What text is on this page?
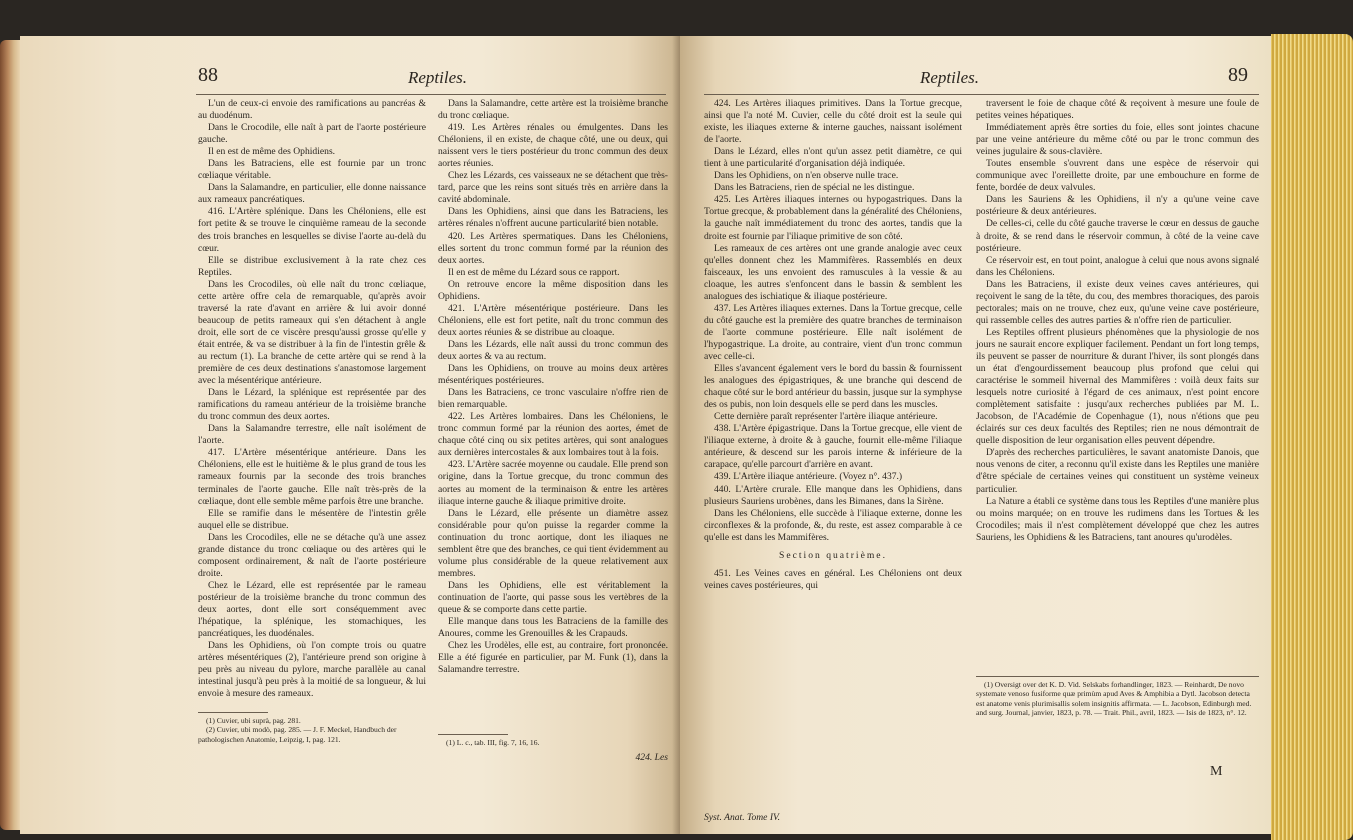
88	Reptiles.

L'un de ceux-ci envoie des ramifications au pancréas & au duodénum.

Dans le Crocodile, elle naît à part de l'aorte postérieure gauche.

Il en est de même des Ophidiens.

Dans les Batraciens, elle est fournie par un tronc cœliaque véritable.

Dans la Salamandre, en particulier, elle donne naissance aux rameaux pancréatiques.

416. L'Artère splénique. Dans les Chéloniens, elle est fort petite & se trouve le cinquième rameau de la seconde des trois branches en lesquelles se divise l'aorte au-delà du cœur.

Elle se distribue exclusivement à la rate chez ces Reptiles.

Dans les Crocodiles, où elle naît du tronc cœliaque, cette artère offre cela de remarquable, qu'après avoir traversé la rate d'avant en arrière & lui avoir donné beaucoup de petits rameaux qui s'en détachent à angle droit, elle sort de ce viscère presqu'aussi grosse qu'elle y était entrée, & va se distribuer à la fin de l'intestin grêle & au rectum (1). La branche de cette artère qui se rend à la première de ces deux destinations s'anastomose largement avec la mésentérique antérieure.

Dans le Lézard, la splénique est représentée par des ramifications du rameau antérieur de la troisième branche du tronc commun des deux aortes.

Dans la Salamandre terrestre, elle naît isolément de l'aorte.

417. L'Artère mésentérique antérieure. Dans les Chéloniens, elle est le huitième & le plus grand de tous les rameaux fournis par la seconde des trois branches terminales de l'aorte gauche. Elle naît très-près de la cœliaque, dont elle semble même parfois être une branche.

Elle se ramifie dans le mésentère de l'intestin grêle auquel elle se distribue.

Dans les Crocodiles, elle ne se détache qu'à une assez grande distance du tronc cœliaque ou des artères qui le composent ordinairement, & naît de l'aorte postérieure droite.

Chez le Lézard, elle est représentée par le rameau postérieur de la troisième branche du tronc commun des deux aortes, dont elle sort conséquemment avec l'hépatique, la splénique, les stomachiques, les pancréatiques, les duodénales.

Dans les Ophidiens, où l'on compte trois ou quatre artères mésentériques (2), l'antérieure prend son origine à peu près au niveau du pylore, marche parallèle au canal intestinal jusqu'à peu près à la moitié de sa longueur, & lui envoie à mesure des rameaux.

(1) Cuvier, ubi suprà, pag. 281.

(2) Cuvier, ubi modò, pag. 285. — J. F. Meckel, Handbuch der pathologischen Anatomie, Leipzig, I, pag. 121.

Dans la Salamandre, cette artère est la troisième branche du tronc cœliaque.

419. Les Artères rénales ou émulgentes. Dans les Chéloniens, il en existe, de chaque côté, une ou deux, qui naissent vers le tiers postérieur du tronc commun des deux aortes réunies.

Chez les Lézards, ces vaisseaux ne se détachent que très-tard, parce que les reins sont situés très en arrière dans la cavité abdominale.

Dans les Ophidiens, ainsi que dans les Batraciens, les artères rénales n'offrent aucune particularité bien notable.

420. Les Artères spermatiques. Dans les Chéloniens, elles sortent du tronc commun formé par la réunion des deux aortes.

Il en est de même du Lézard sous ce rapport.

On retrouve encore la même disposition dans les Ophidiens.

421. L'Artère mésentérique postérieure. Dans les Chéloniens, elle est fort petite, naît du tronc commun des deux aortes réunies & se distribue au cloaque.

Dans les Lézards, elle naît aussi du tronc commun des deux aortes & va au rectum.

Dans les Ophidiens, on trouve au moins deux artères mésentériques postérieures.

Dans les Batraciens, ce tronc vasculaire n'offre rien de bien remarquable.

422. Les Artères lombaires. Dans les Chéloniens, le tronc commun formé par la réunion des aortes, émet de chaque côté cinq ou six petites artères, qui sont analogues aux dernières intercostales & aux lombaires tout à la fois.

423. L'Artère sacrée moyenne ou caudale. Elle prend son origine, dans la Tortue grecque, du tronc commun des aortes au moment de la terminaison & entre les artères iliaque interne gauche & iliaque primitive droite.

Dans le Lézard, elle présente un diamètre assez considérable pour qu'on puisse la regarder comme la continuation du tronc aortique, dont les iliaques ne semblent être que des branches, ce qui tient évidemment au volume plus considérable de la queue relativement aux membres.

Dans les Ophidiens, elle est véritablement la continuation de l'aorte, qui passe sous les vertèbres de la queue & se comporte dans cette partie.

Elle manque dans tous les Batraciens de la famille des Anoures, comme les Grenouilles & les Crapauds.

Chez les Urodèles, elle est, au contraire, fort prononcée. Elle a été figurée en particulier, par M. Funk (1), dans la Salamandre terrestre.

(1) L. c., tab. III, fig. 7, 16, 16.

424. Les
Reptiles.	89

424. Les Artères iliaques primitives. Dans la Tortue grecque, ainsi que l'a noté M. Cuvier, celle du côté droit est la seule qui existe, les iliaques externe & interne gauches, naissant isolément de l'aorte.

Dans le Lézard, elles n'ont qu'un assez petit diamètre, ce qui tient à une particularité d'organisation déjà indiquée.

Dans les Ophidiens, on n'en observe nulle trace.

Dans les Batraciens, rien de spécial ne les distingue.

425. Les Artères iliaques internes ou hypogastriques. Dans la Tortue grecque, & probablement dans la généralité des Chéloniens, la gauche naît immédiatement du tronc des aortes, tandis que la droite est fournie par l'iliaque primitive de son côté.

Les rameaux de ces artères ont une grande analogie avec ceux qu'elles donnent chez les Mammifères. Rassemblés en deux faisceaux, les uns envoient des ramuscules à la vessie & au cloaque, les autres s'enfoncent dans le bassin & semblent les analogues des ischiatique & iliaque postérieure.

437. Les Artères iliaques externes. Dans la Tortue grecque, celle du côté gauche est la première des quatre branches de terminaison de l'aorte commune postérieure. Elle naît isolément de l'hypogastrique. La droite, au contraire, vient d'un tronc commun avec celle-ci.

Elles s'avancent également vers le bord du bassin & fournissent les analogues des épigastriques, & une branche qui descend de chaque côté sur le bord antérieur du bassin, jusque sur la symphyse des os pubis, non loin desquels elle se perd dans les muscles.

Cette dernière paraît représenter l'artère iliaque antérieure.

438. L'Artère épigastrique. Dans la Tortue grecque, elle vient de l'iliaque externe, à droite & à gauche, fournit elle-même l'iliaque antérieure, & descend sur les parois interne & inférieure de la carapace, qu'elle parcourt d'arrière en avant.

439. L'Artère iliaque antérieure. (Voyez n°. 437.)

440. L'Artère crurale. Elle manque dans les Ophidiens, dans plusieurs Sauriens urobènes, dans les Bimanes, dans la Sirène.

Dans les Chéloniens, elle succède à l'iliaque externe, donne les circonflexes & la profonde, &, du reste, est assez comparable à ce qu'elle est dans les Mammifères.

Section quatrième.

451. Les Veines caves en général. Les Chéloniens ont deux veines caves postérieures, qui

Syst. Anat. Tome IV.

traversent le foie de chaque côté & reçoivent à mesure une foule de petites veines hépatiques.

Immédiatement après être sorties du foie, elles sont jointes chacune par une veine antérieure du même côté ou par le tronc commun des veines jugulaire & sous-clavière.

Toutes ensemble s'ouvrent dans une espèce de réservoir qui communique avec l'oreillette droite, par une embouchure en forme de fente, bordée de deux valvules.

Dans les Sauriens & les Ophidiens, il n'y a qu'une veine cave postérieure & deux antérieures.

De celles-ci, celle du côté gauche traverse le cœur en dessus de gauche à droite, & se rend dans le réservoir commun, à côté de la veine cave postérieure.

Ce réservoir est, en tout point, analogue à celui que nous avons signalé dans les Chéloniens.

Dans les Batraciens, il existe deux veines caves antérieures, qui reçoivent le sang de la tête, du cou, des membres thoraciques, des parois pectorales; mais on ne trouve, chez eux, qu'une veine cave postérieure, qui rassemble celles des autres parties & n'offre rien de particulier.

Les Reptiles offrent plusieurs phénomènes que la physiologie de nos jours ne saurait encore expliquer facilement. Pendant un fort long temps, ils peuvent se passer de nourriture & durant l'hiver, ils sont plongés dans un état d'engourdissement beaucoup plus profond que celui qui caractérise le sommeil hivernal des Mammifères : voilà deux faits sur lesquels notre curiosité à l'égard de ces animaux, n'est point encore complètement satisfaite : jusqu'aux recherches publiées par M. L. Jacobson, de l'Académie de Copenhague (1), nous n'étions que peu éclairés sur ces deux facultés des Reptiles; rien ne nous démontrait de quelle disposition de leur organisation elles peuvent dépendre.

D'après des recherches particulières, le savant anatomiste Danois, que nous venons de citer, a reconnu qu'il existe dans les Reptiles une manière d'être spéciale de certaines veines qui constituent un système veineux particulier.

La Nature a établi ce système dans tous les Reptiles d'une manière plus ou moins marquée; on en trouve les rudimens dans les Tortues & les Crocodiles; mais il n'est complètement développé que chez les autres Sauriens, les Ophidiens & les Batraciens, tant anoures qu'urodèles.

(1) Oversigt over det K. D. Vid. Selskabs forhandlinger, 1823. — Reinhardt, De novo systemate venoso fusiforme quæ primùm apud Aves & Amphibia a Dytl. Jacobson detecta est anatome venis plurimisallis solem insignitis affirmata. — L. Jacobson, Edinburgh med. and surg. Journal, janvier, 1823, p. 78. — Trait. Phil., avril, 1823. — Isis de 1823, n°. 12.

M
